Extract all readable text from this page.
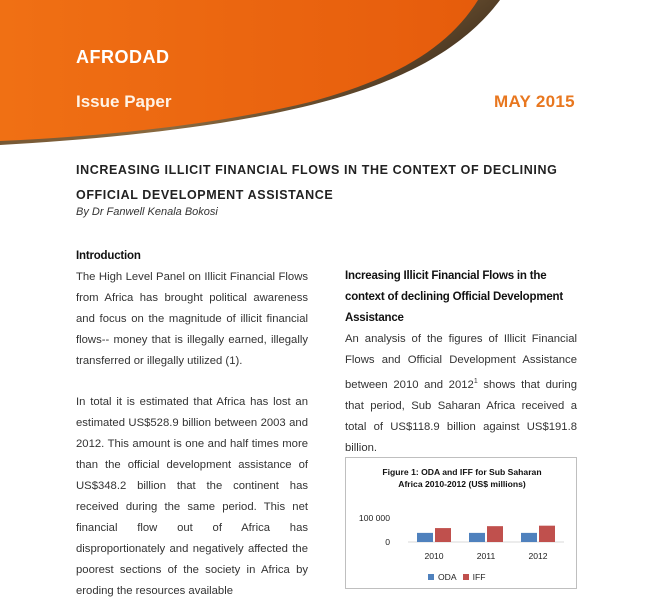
AFRODAD
Issue Paper	MAY 2015
INCREASING ILLICIT FINANCIAL FLOWS IN THE CONTEXT OF DECLINING
OFFICIAL DEVELOPMENT ASSISTANCE
By Dr Fanwell Kenala Bokosi
Introduction

The High Level Panel on Illicit Financial Flows from Africa has brought political awareness and focus on the magnitude of illicit financial flows-- money that is illegally earned, illegally transferred or illegally utilized (1).

In total it is estimated that Africa has lost an estimated US$528.9 billion between 2003 and 2012. This amount is one and half times more than the official development assistance of US$348.2 billion that the continent has received during the same period. This net financial flow out of Africa has disproportionately and negatively affected the poorest sections of the society in Africa by eroding the resources available

Increasing Illicit Financial Flows in the context of declining Official Development Assistance

An analysis of the figures of Illicit Financial Flows and Official Development Assistance between 2010 and 2012$^1$ shows that during that period, Sub Saharan Africa received a total of US$118.9 billion against US$191.8 billion.

100 000
0
2010	2011	2012
Figure 1: ODA and IFF for Sub Saharan Africa 2010-2012 (US$ millions)
ODA IFF
